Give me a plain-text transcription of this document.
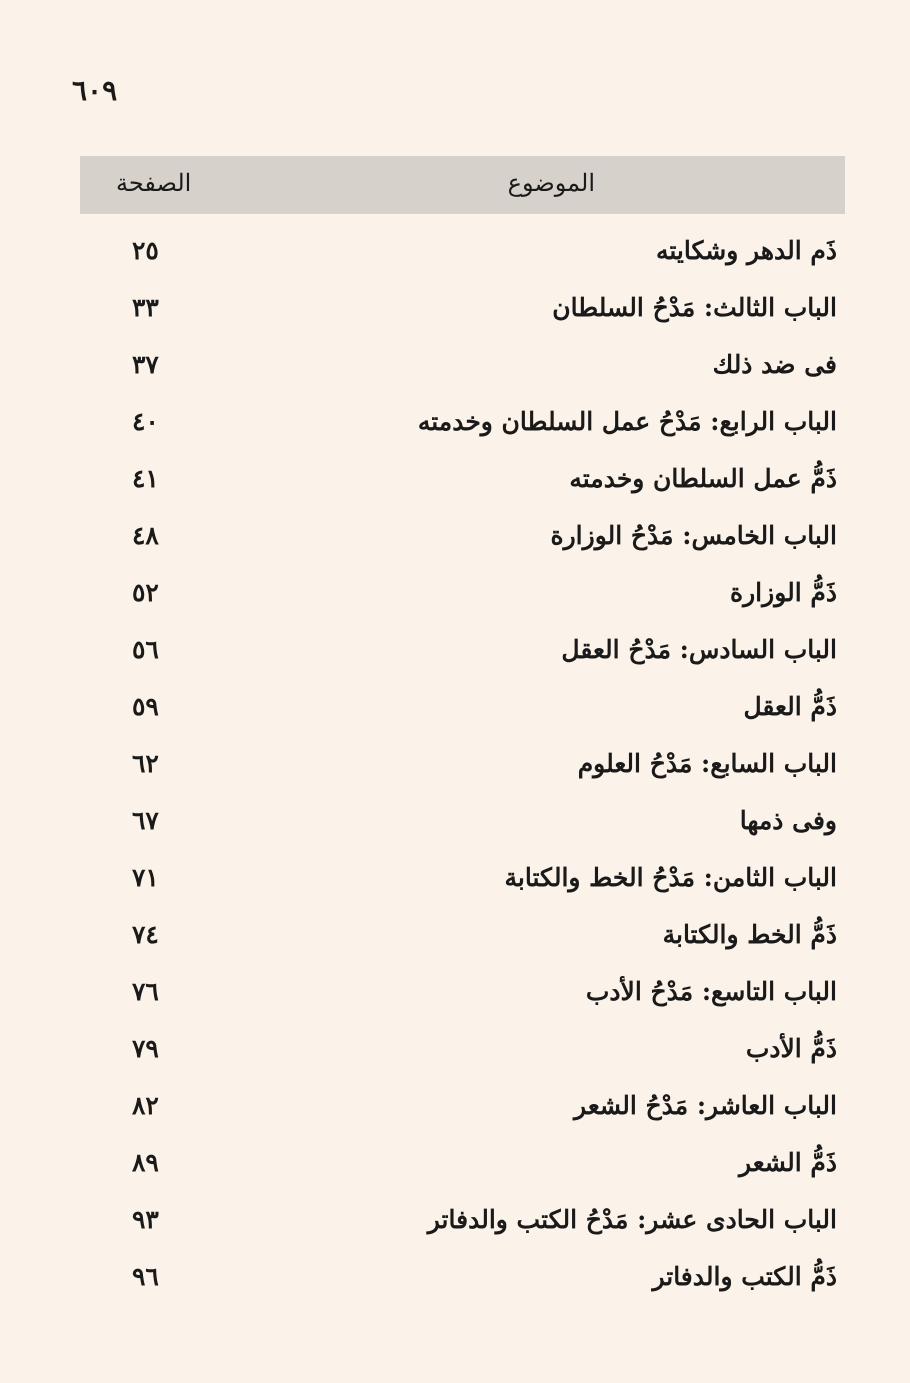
٦٠٩
الموضوع
الصفحة
ذَم الدهر وشكايته
٢٥
الباب الثالث: مَدْحُ السلطان
٣٣
فى ضد ذلك
٣٧
الباب الرابع: مَدْحُ عمل السلطان وخدمته
٤٠
ذَمُّ عمل السلطان وخدمته
٤١
الباب الخامس: مَدْحُ الوزارة
٤٨
ذَمُّ الوزارة
٥٢
الباب السادس: مَدْحُ العقل
٥٦
ذَمُّ العقل
٥٩
الباب السابع: مَدْحُ العلوم
٦٢
وفى ذمها
٦٧
الباب الثامن: مَدْحُ الخط والكتابة
٧١
ذَمُّ الخط والكتابة
٧٤
الباب التاسع: مَدْحُ الأدب
٧٦
ذَمُّ الأدب
٧٩
الباب العاشر: مَدْحُ الشعر
٨٢
ذَمُّ الشعر
٨٩
الباب الحادى عشر: مَدْحُ الكتب والدفاتر
٩٣
ذَمُّ الكتب والدفاتر
٩٦
